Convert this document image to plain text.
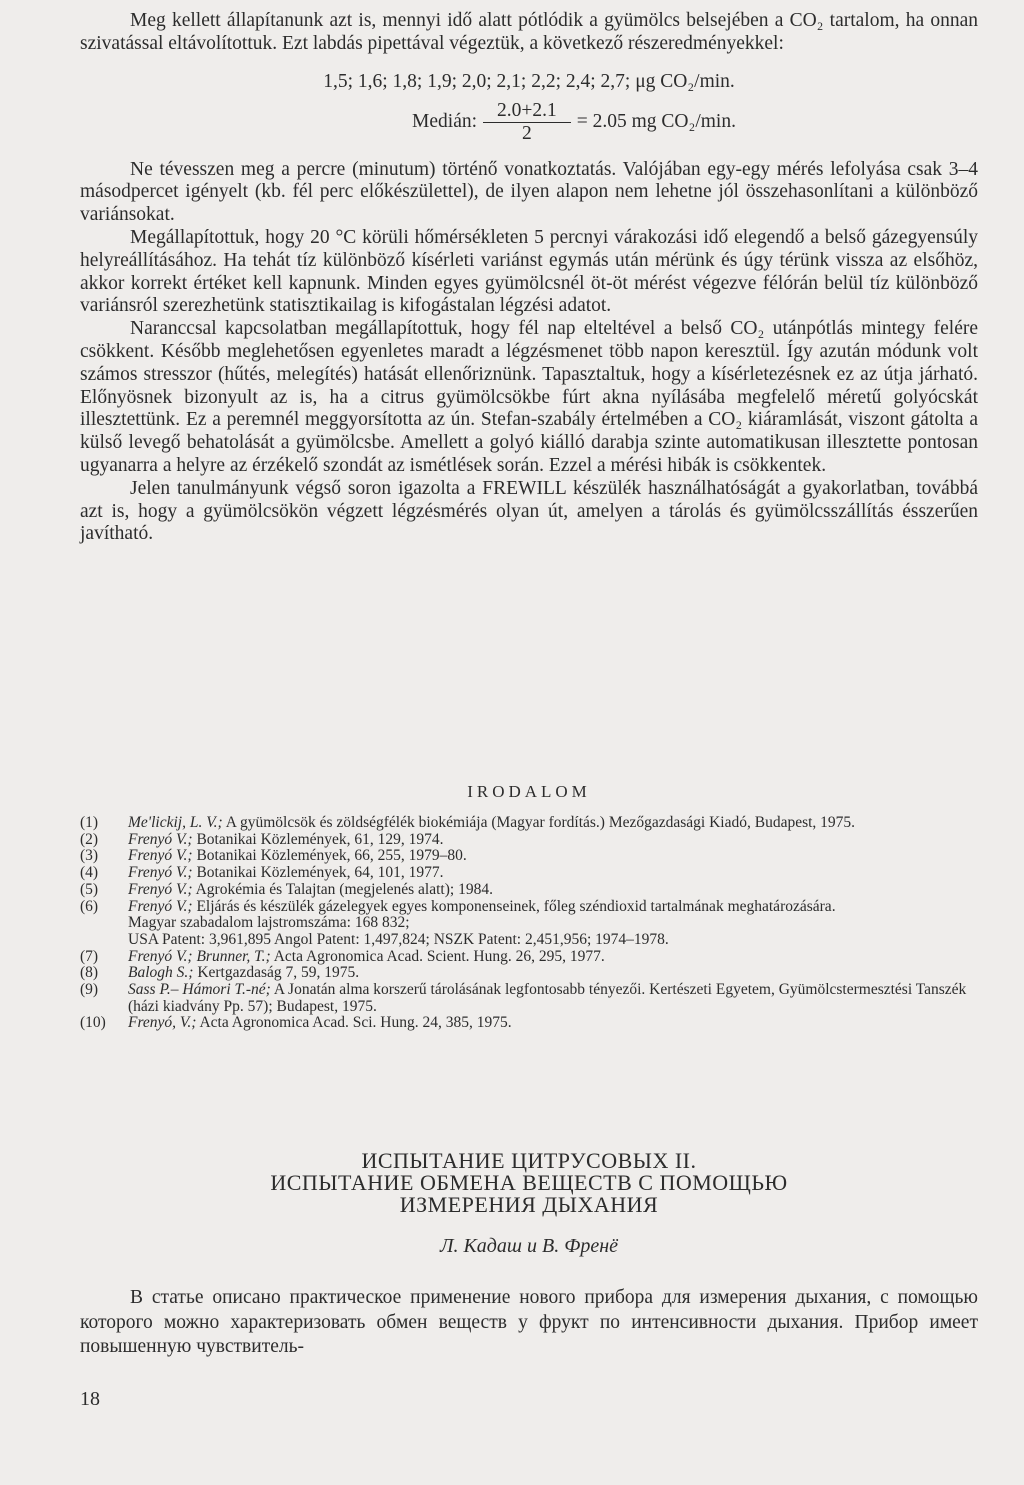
Meg kellett állapítanunk azt is, mennyi idő alatt pótlódik a gyümölcs belsejében a CO₂ tartalom, ha onnan szivatással eltávolítottuk. Ezt labdás pipettával végeztük, a következő részeredményekkel:

1,5; 1,6; 1,8; 1,9; 2,0; 2,1; 2,2; 2,4; 2,7; μg CO₂/min.
Medián: $\frac{2.0+2.1}{2} = 2.05$ mg CO₂/min.

Ne tévesszen meg a percre (minutum) történő vonatkoztatás. Valójában egy-egy mérés lefolyása csak 3–4 másodpercet igényelt (kb. fél perc előkészülettel), de ilyen alapon nem lehetne jól összehasonlítani a különböző variánsokat.

Megállapítottuk, hogy 20 °C körüli hőmérsékleten 5 percnyi várakozási idő elegendő a belső gázegyensúly helyreállításához. Ha tehát tíz különböző kísérleti variánst egymás után mérünk és úgy térünk vissza az elsőhöz, akkor korrekt értéket kell kapnunk. Minden egyes gyümölcsnél öt-öt mérést végezve félórán belül tíz különböző variánsról szerezhetünk statisztikailag is kifogástalan légzési adatot.

Naranccsal kapcsolatban megállapítottuk, hogy fél nap elteltével a belső CO₂ utánpótlás mintegy felére csökkent. Később meglehetősen egyenletes maradt a légzésmenet több napon keresztül. Így azután módunk volt számos stresszor (hűtés, melegítés) hatását ellenőriznünk. Tapasztaltuk, hogy a kísérletezésnek ez az útja járható. Előnyösnek bizonyult az is, ha a citrus gyümölcsökbe fúrt akna nyílásába megfelelő méretű golyócskát illesztettünk. Ez a peremnél meggyorsította az ún. Stefan-szabály értelmében a CO₂ kiáramlását, viszont gátolta a külső levegő behatolását a gyümölcsbe. Amellett a golyó kiálló darabja szinte automatikusan illesztette pontosan ugyanarra a helyre az érzékelő szondát az ismétlések során. Ezzel a mérési hibák is csökkentek.

Jelen tanulmányunk végső soron igazolta a FREWILL készülék használhatóságát a gyakorlatban, továbbá azt is, hogy a gyümölcsökön végzett légzésmérés olyan út, amelyen a tárolás és gyümölcsszállítás ésszerűen javítható.

IRODALOM
(1)	Me'lickij, L. V.; A gyümölcsök és zöldségfélék biokémiája (Magyar fordítás.) Mezőgazdasági Kiadó, Budapest, 1975.
(2)	Frenyó V.; Botanikai Közlemények, 61, 129, 1974.
(3)	Frenyó V.; Botanikai Közlemények, 66, 255, 1979–80.
(4)	Frenyó V.; Botanikai Közlemények, 64, 101, 1977.
(5)	Frenyó V.; Agrokémia és Talajtan (megjelenés alatt); 1984.
(6)	Frenyó V.; Eljárás és készülék gázelegyek egyes komponenseinek, főleg széndioxid tartalmának meghatározására.
Magyar szabadalom lajstromszáma: 168 832;
USA Patent: 3,961,895 Angol Patent: 1,497,824; NSZK Patent: 2,451,956; 1974–1978.
(7)	Frenyó V.; Brunner, T.; Acta Agronomica Acad. Scient. Hung. 26, 295, 1977.
(8)	Balogh S.; Kertgazdaság 7, 59, 1975.
(9)	Sass P.– Hámori T.-né; A Jonatán alma korszerű tárolásának legfontosabb tényezői. Kertészeti Egyetem, Gyümölcstermesztési Tanszék (házi kiadvány Pp. 57); Budapest, 1975.
(10)	Frenyó, V.; Acta Agronomica Acad. Sci. Hung. 24, 385, 1975.
ИСПЫТАНИЕ ЦИТРУСОВЫХ II.
ИСПЫТАНИЕ ОБМЕНА ВЕЩЕСТВ С ПОМОЩЬЮ
ИЗМЕРЕНИЯ ДЫХАНИЯ
Л. Кадаш и В. Френё

В статье описано практическое применение нового прибора для измерения дыхания, с помощью которого можно характеризовать обмен веществ у фрукт по интенсивности дыхания. Прибор имеет повышенную чувствитель-

18
